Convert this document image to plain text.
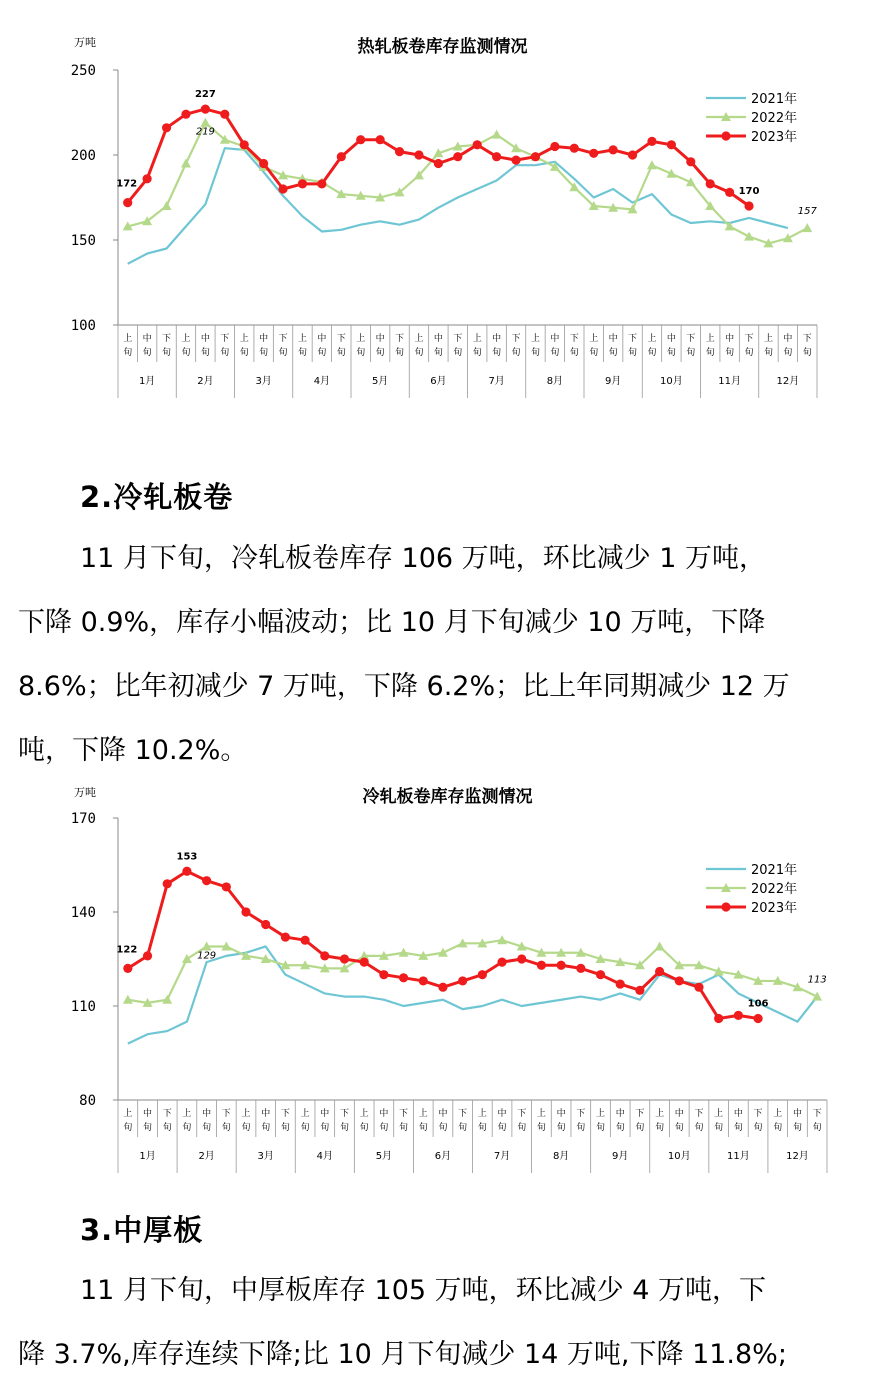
热轧板卷库存监测情况
万吨
100
150
200
250
上
旬
中
旬
下
旬
上
旬
中
旬
下
旬
上
旬
中
旬
下
旬
上
旬
中
旬
下
旬
上
旬
中
旬
下
旬
上
旬
中
旬
下
旬
上
旬
中
旬
下
旬
上
旬
中
旬
下
旬
上
旬
中
旬
下
旬
上
旬
中
旬
下
旬
上
旬
中
旬
下
旬
上
旬
中
旬
下
旬
1月	2月	3月	4月	5月	6月	7月	8月	9月	10月	11月	12月
172
227
219
170
157
2021年
2022年
2023年
2.冷轧板卷
11 月下旬，冷轧板卷库存 106 万吨，环比减少 1 万吨，
下降 0.9%，库存小幅波动；比 10 月下旬减少 10 万吨，下降
8.6%；比年初减少 7 万吨，下降 6.2%；比上年同期减少 12 万
吨，下降 10.2%。
冷轧板卷库存监测情况
万吨
80
110
140
170
上
旬
中
旬
下
旬
上
旬
中
旬
下
旬
上
旬
中
旬
下
旬
上
旬
中
旬
下
旬
上
旬
中
旬
下
旬
上
旬
中
旬
下
旬
上
旬
中
旬
下
旬
上
旬
中
旬
下
旬
上
旬
中
旬
下
旬
上
旬
中
旬
下
旬
上
旬
中
旬
下
旬
上
旬
中
旬
下
旬
1月	2月	3月	4月	5月	6月	7月	8月	9月	10月	11月	12月
122
153
129
106
113
2021年
2022年
2023年
3.中厚板
11 月下旬，中厚板库存 105 万吨，环比减少 4 万吨，下
降 3.7%,库存连续下降;比 10 月下旬减少 14 万吨,下降 11.8%;
